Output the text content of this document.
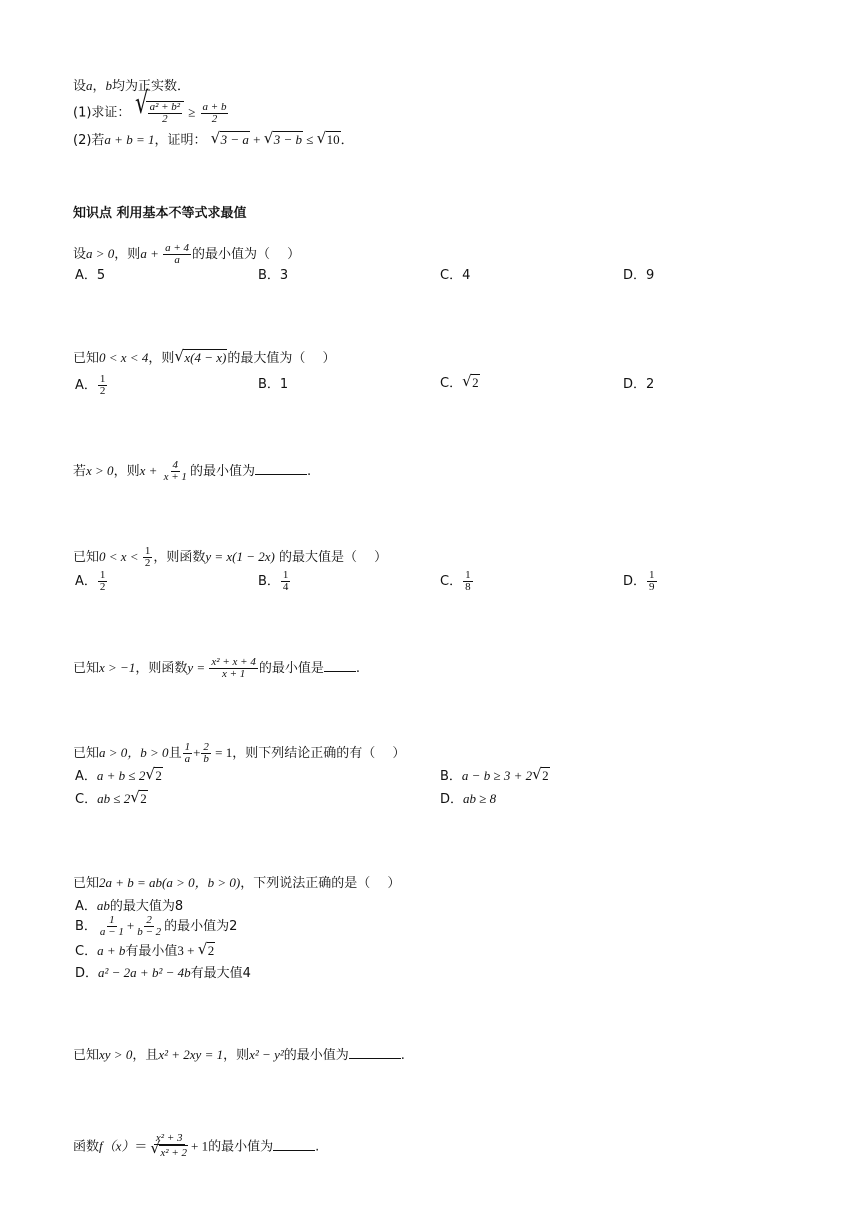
设a，b均为正实数．
(1)求证： √ $\frac{\text{a² + b²}}{2} \ge \frac{a + b}{2}$
(2)若a + b = 1，证明： √ 3 − a + √ 3 − b ≤ √ 10．
知识点 利用基本不等式求最值
设a > 0，则$a + \frac{a + 4}{a}$ 的最小值为（　 ）
A．5	B．3	C．4	D．9
已知0 < x < 4，则 √ x(4 − x)的最大值为（　 ）
A． $\frac{1}{2}$	B．1	C． √ 2	D．2
若x > 0，则$x + \frac{4}{x + 1}$ 的最小值为	.
已知$0 < x < \frac{1}{2}$ ，则函数y = x(1 − 2x) 的最大值是（　 ）
A． $\frac{1}{2}$	B． $\frac{1}{4}$	C． $\frac{1}{8}$	D． $\frac{1}{9}$
已知x > −1，则函数$y = \frac{\text{x² + x + 4}}{x + 1}$ 的最小值是 .
已知a > 0，b > 0且 $\frac{1}{a} + \frac{2}{b} = 1$，则下列结论正确的有（　 ）
A．a + b ≤ 2 √ 2	B．a − b ≥ 3 + 2 √ 2
C．ab ≤ 2 √ 2	D．ab ≥ 8
已知2a + b = ab(a > 0，b > 0)，下列说法正确的是（　 ）
A．ab的最大值为8
B． $\frac{1}{a - 1} + \frac{2}{b - 2}$ 的最小值为2
C．a + b有最小值3 + √ 2
D．a² − 2a + b² − 4b有最大值4
已知xy > 0，且x² + 2xy = 1，则x² − y²的最小值为	.
函数f（x）＝ x² + 3
√ x² + 2 + 1的最小值为	.
